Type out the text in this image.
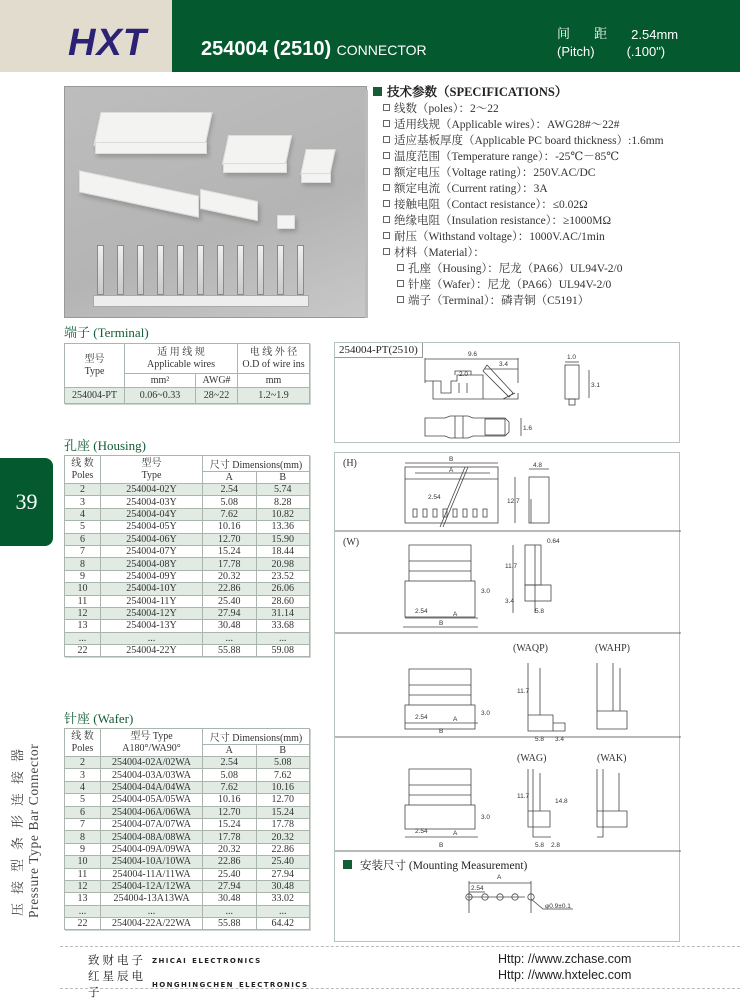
HXT	254004 (2510) CONNECTOR
间 距 2.54mm
(Pitch) (.100")
技术参数（SPECIFICATIONS）
线数（poles）：2～22
适用线规（Applicable wires）：AWG28#～22#
适应基板厚度（Applicable PC board thickness）:1.6mm
温度范围（Temperature range）：-25℃－85℃
额定电压（Voltage rating）：250V.AC/DC
额定电流（Current rating）：3A
接触电阻（Contact resistance）：≤0.02Ω
绝缘电阻（Insulation resistance）：≥1000MΩ
耐压（Withstand voltage）：1000V.AC/1min
材料（Material）：
孔座（Housing）：尼龙（PA66）UL94V-2/0
针座（Wafer）：尼龙（PA66）UL94V-2/0
端子（Terminal）：磷青铜（C5191）
端子 (Terminal)
型号
Type	适 用 线 规
Applicable wires		电 线 外 径
O.D of wire ins
	mm²	AWG#	mm
254004-PT	0.06~0.33	28~22	1.2~1.9
孔座 (Housing)
线 数
Poles	型号
Type	尺寸 Dimensions(mm)	
		A	B
2	254004-02Y	2.54	5.74
3	254004-03Y	5.08	8.28
4	254004-04Y	7.62	10.82
5	254004-05Y	10.16	13.36
6	254004-06Y	12.70	15.90
7	254004-07Y	15.24	18.44
8	254004-08Y	17.78	20.98
9	254004-09Y	20.32	23.52
10	254004-10Y	22.86	26.06
11	254004-11Y	25.40	28.60
12	254004-12Y	27.94	31.14
13	254004-13Y	30.48	33.68
...	...	...	...
22	254004-22Y	55.88	59.08
针座 (Wafer)
线 数
Poles	型号 Type
A180°/WA90°	尺寸 Dimensions(mm)	
		A	B
2	254004-02A/02WA	2.54	5.08
3	254004-03A/03WA	5.08	7.62
4	254004-04A/04WA	7.62	10.16
5	254004-05A/05WA	10.16	12.70
6	254004-06A/06WA	12.70	15.24
7	254004-07A/07WA	15.24	17.78
8	254004-08A/08WA	17.78	20.32
9	254004-09A/09WA	20.32	22.86
10	254004-10A/10WA	22.86	25.40
11	254004-11A/11WA	25.40	27.94
12	254004-12A/12WA	27.94	30.48
13	254004-13A13WA	30.48	33.02
...	...	...	...
22	254004-22A/22WA	55.88	64.42
39
压接型条形连接器 Pressure Type Bar Connector
254004-PT(2510)	9.6
3.4
2.0
1.0
3.1
1.6
(H)	B
A
2.54
4.8
12.7
(W)	0.64
11.7
3.0
3.4
2.54	A
B
5.8
(WAQP)	(WAHP)
11.7
3.0
2.54	A
B
5.8 3.4
(WAG)	(WAK)
11.7
14.8
3.0
2.54	A
B	5.8 2.8
A
2.54
φ0.9±0.1
安装尺寸 (Mounting Measurement)
致财电子 zhicai electronics	Http: //www.zchase.com
红星辰电子
honghingchen electronics
Http: //www.hxtelec.com
